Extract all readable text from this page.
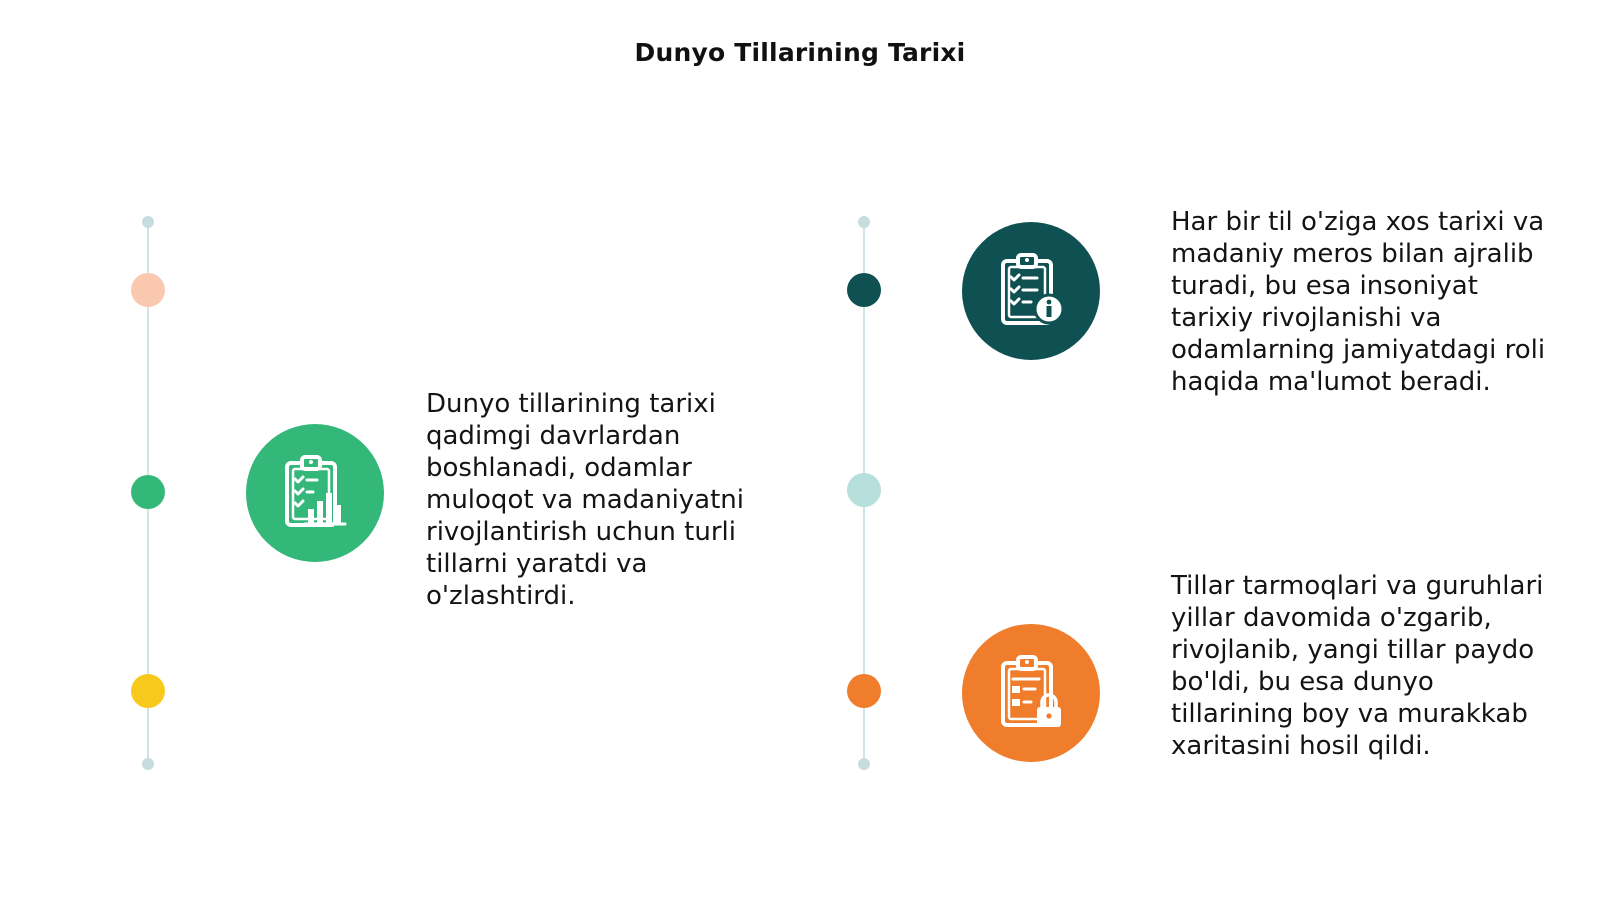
Dunyo Tillarining Tarixi

Dunyo tillarining tarixi qadimgi davrlardan boshlanadi, odamlar muloqot va madaniyatni rivojlantirish uchun turli tillarni yaratdi va o'zlashtirdi.

Har bir til o'ziga xos tarixi va madaniy meros bilan ajralib turadi, bu esa insoniyat tarixiy rivojlanishi va odamlarning jamiyatdagi roli haqida ma'lumot beradi.

Tillar tarmoqlari va guruhlari yillar davomida o'zgarib, rivojlanib, yangi tillar paydo bo'ldi, bu esa dunyo tillarining boy va murakkab xaritasini hosil qildi.
